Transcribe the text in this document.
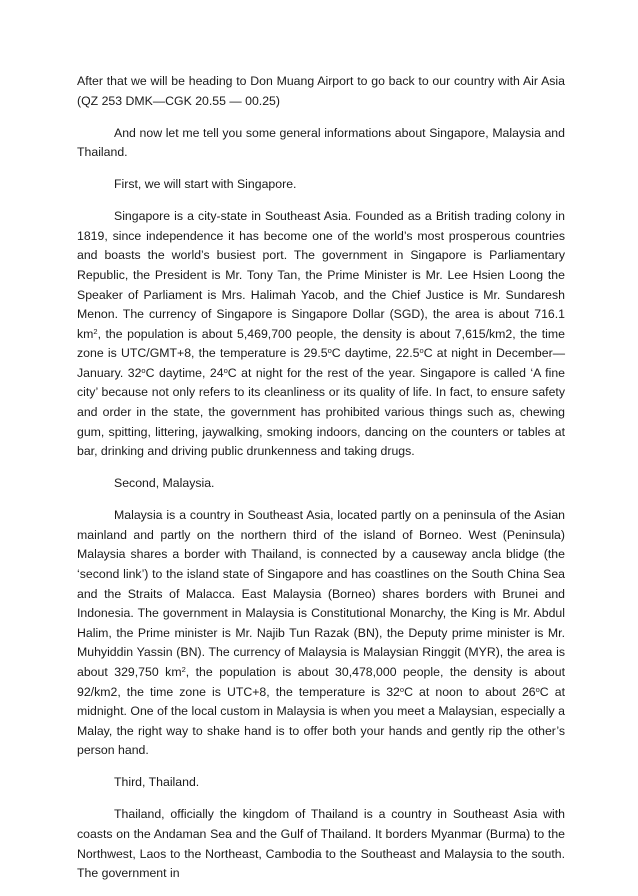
After that we will be heading to Don Muang Airport to go back to our country with Air Asia (QZ 253 DMK—CGK 20.55 — 00.25)

And now let me tell you some general informations about Singapore, Malaysia and Thailand.

First, we will start with Singapore.

Singapore is a city-state in Southeast Asia. Founded as a British trading colony in 1819, since independence it has become one of the world’s most prosperous countries and boasts the world’s busiest port. The government in Singapore is Parliamentary Republic, the President is Mr. Tony Tan, the Prime Minister is Mr. Lee Hsien Loong the Speaker of Parliament is Mrs. Halimah Yacob, and the Chief Justice is Mr. Sundaresh Menon. The currency of Singapore is Singapore Dollar (SGD), the area is about 716.1 $km^2$, the population is about 5,469,700 people, the density is about 7,615/km2, the time zone is UTC/GMT+8, the temperature is 29.5$^o$C daytime, 22.5$^o$C at night in December—January. 32$^o$C daytime, 24$^o$C at night for the rest of the year. Singapore is called ‘A fine city’ because not only refers to its cleanliness or its quality of life. In fact, to ensure safety and order in the state, the government has prohibited various things such as, chewing gum, spitting, littering, jaywalking, smoking indoors, dancing on the counters or tables at bar, drinking and driving public drunkenness and taking drugs.

Second, Malaysia.

Malaysia is a country in Southeast Asia, located partly on a peninsula of the Asian mainland and partly on the northern third of the island of Borneo. West (Peninsula) Malaysia shares a border with Thailand, is connected by a causeway ancla blidge (the ‘second link’) to the island state of Singapore and has coastlines on the South China Sea and the Straits of Malacca. East Malaysia (Borneo) shares borders with Brunei and Indonesia. The government in Malaysia is Constitutional Monarchy, the King is Mr. Abdul Halim, the Prime minister is Mr. Najib Tun Razak (BN), the Deputy prime minister is Mr. Muhyiddin Yassin (BN). The currency of Malaysia is Malaysian Ringgit (MYR), the area is about 329,750 $km^2$, the population is about 30,478,000 people, the density is about 92/km2, the time zone is UTC+8, the temperature is 32$^o$C at noon to about 26$^o$C at midnight. One of the local custom in Malaysia is when you meet a Malaysian, especially a Malay, the right way to shake hand is to offer both your hands and gently rip the other’s person hand.

Third, Thailand.

Thailand, officially the kingdom of Thailand is a country in Southeast Asia with coasts on the Andaman Sea and the Gulf of Thailand. It borders Myanmar (Burma) to the Northwest, Laos to the Northeast, Cambodia to the Southeast and Malaysia to the south. The government in
